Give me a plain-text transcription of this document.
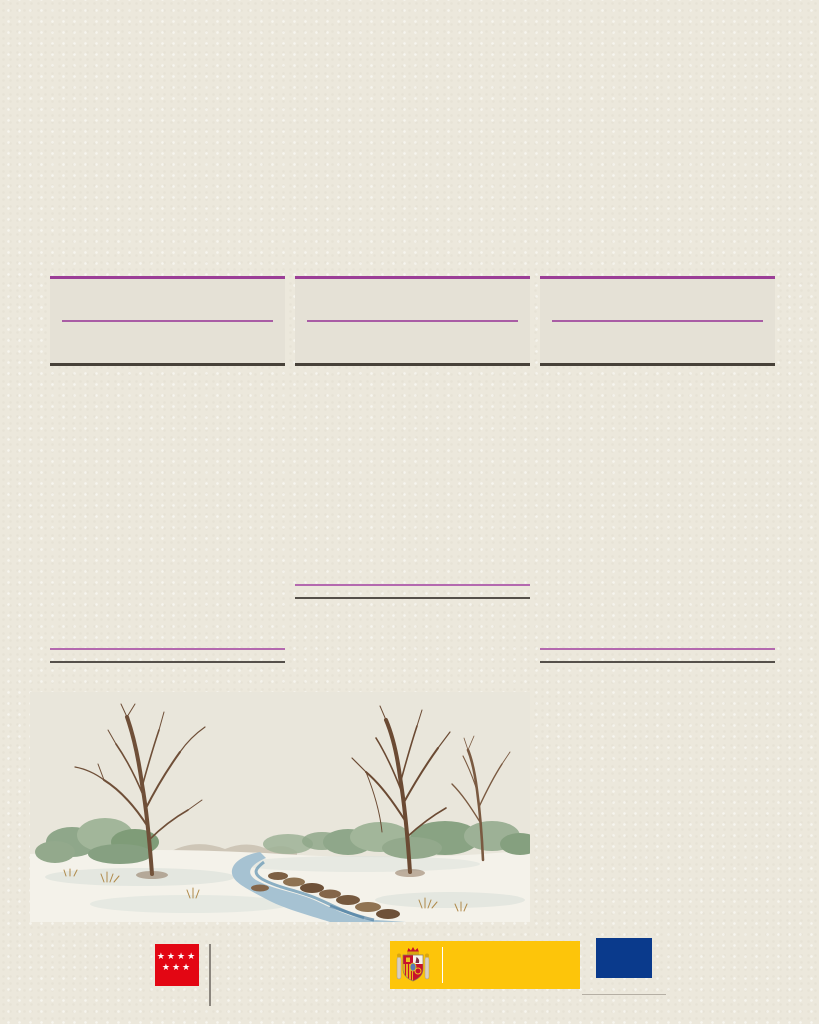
★★★★
★★★
